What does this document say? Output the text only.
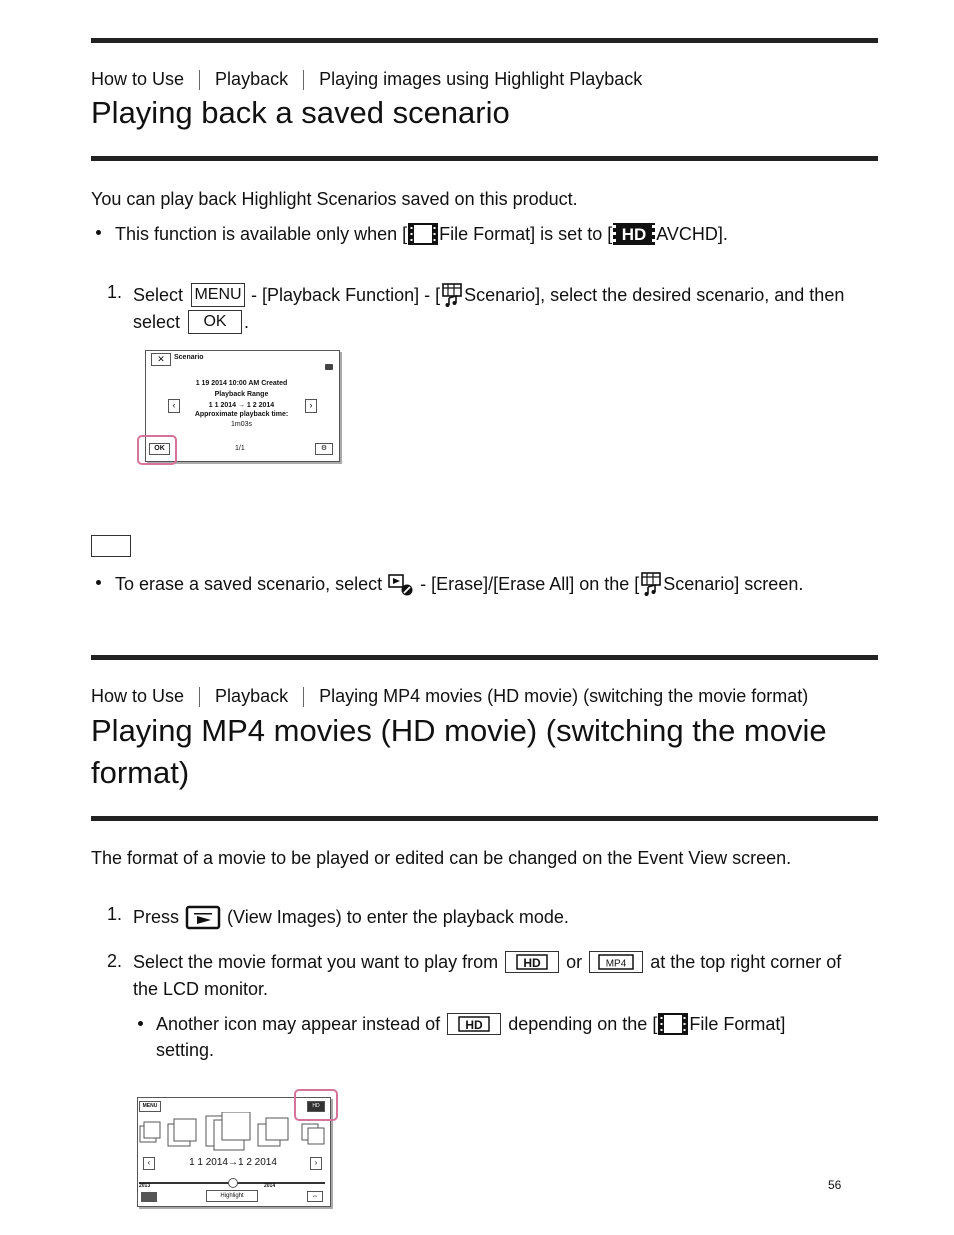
How to Use Playback Playing images using Highlight Playback
Playing back a saved scenario
You can play back Highlight Scenarios saved on this product.
This function is available only when [ File Format] is set to [ HD AVCHD].
1. Select MENU - [Playback Function] - [ Scenario], select the desired scenario, and then
select	OK .
✕	Scenario
1 19 2014 10:00 AM Created
Playback Range
1 1 2014 → 1 2 2014
Approximate playback time:
1m03s
‹	›
OK	1/1	⚙
To erase a saved scenario, select - [Erase]/[Erase All] on the [ Scenario] screen.
How to Use Playback Playing MP4 movies (HD movie) (switching the movie format)
Playing MP4 movies (HD movie) (switching the movie
format)
The format of a movie to be played or edited can be changed on the Event View screen.
1. Press	(View Images) to enter the playback mode.
2. Select the movie format you want to play from HD or MP4 at the top right corner of
the LCD monitor.
Another icon may appear instead of HD depending on the [ File Format]
setting.
MENU	HD
‹	›
1 1 2014→1 2 2014
2013	2014
Highlight	⇔
56
